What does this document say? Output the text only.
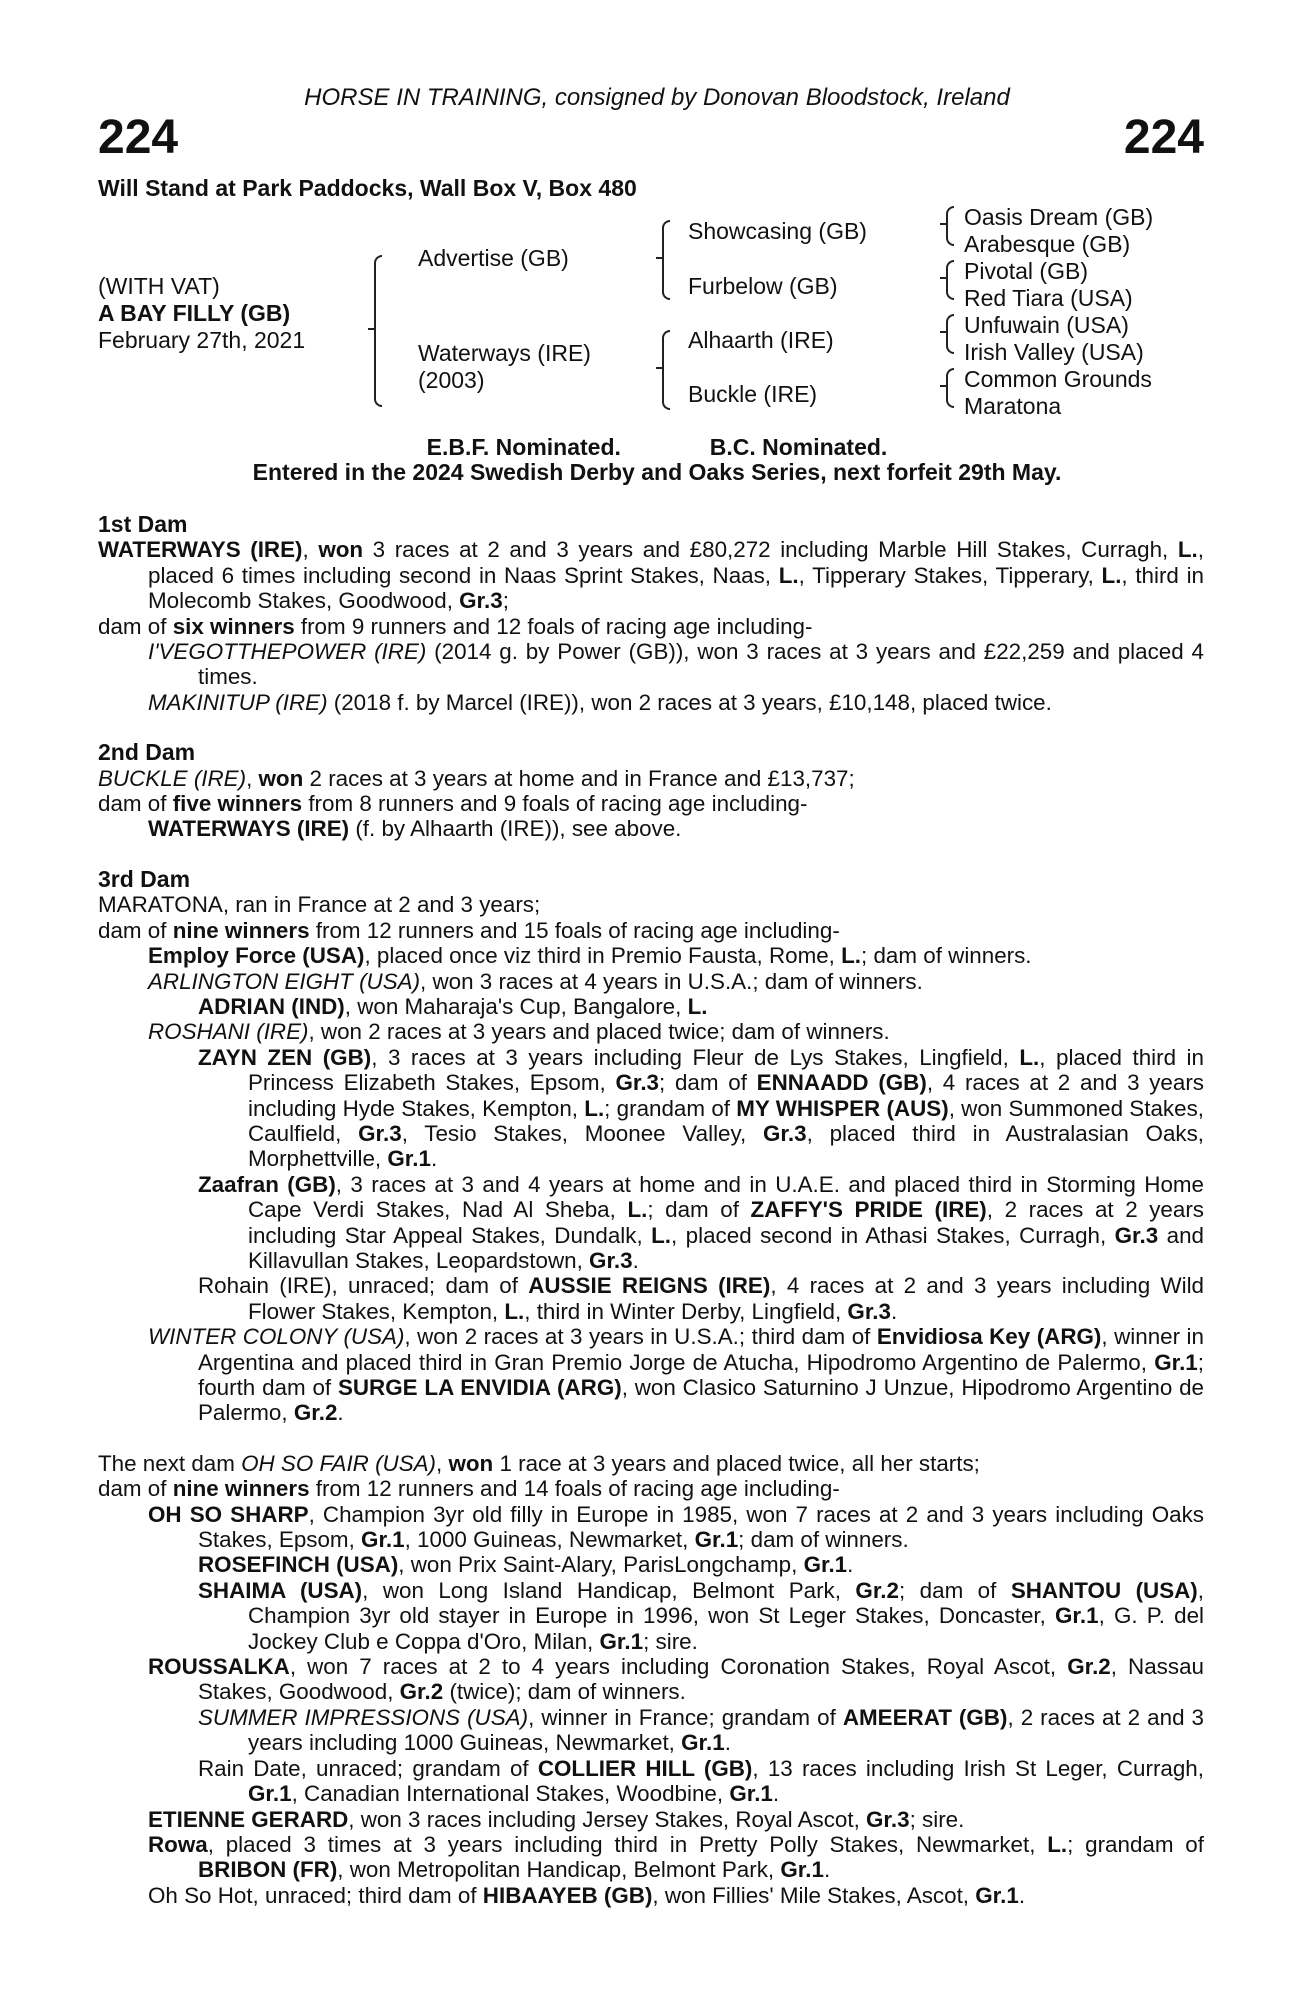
HORSE IN TRAINING, consigned by Donovan Bloodstock, Ireland
224	224
Will Stand at Park Paddocks, Wall Box V, Box 480
(WITH VAT)
A BAY FILLY (GB)
February 27th, 2021
Advertise (GB)
Waterways (IRE)
(2003)
Showcasing (GB)
Furbelow (GB)
Alhaarth (IRE)
Buckle (IRE)
Oasis Dream (GB)
Arabesque (GB)
Pivotal (GB)
Red Tiara (USA)
Unfuwain (USA)
Irish Valley (USA)
Common Grounds
Maratona
E.B.F. Nominated.	B.C. Nominated.
Entered in the 2024 Swedish Derby and Oaks Series, next forfeit 29th May.

1st Dam

WATERWAYS (IRE), won 3 races at 2 and 3 years and £80,272 including Marble Hill Stakes, Curragh, L., placed 6 times including second in Naas Sprint Stakes, Naas, L., Tipperary Stakes, Tipperary, L., third in Molecomb Stakes, Goodwood, Gr.3;

dam of six winners from 9 runners and 12 foals of racing age including-

I'VEGOTTHEPOWER (IRE) (2014 g. by Power (GB)), won 3 races at 3 years and £22,259 and placed 4 times.

MAKINITUP (IRE) (2018 f. by Marcel (IRE)), won 2 races at 3 years, £10,148, placed twice.

2nd Dam

BUCKLE (IRE), won 2 races at 3 years at home and in France and £13,737;

dam of five winners from 8 runners and 9 foals of racing age including-

WATERWAYS (IRE) (f. by Alhaarth (IRE)), see above.

3rd Dam

MARATONA, ran in France at 2 and 3 years;

dam of nine winners from 12 runners and 15 foals of racing age including-

Employ Force (USA), placed once viz third in Premio Fausta, Rome, L.; dam of winners.

ARLINGTON EIGHT (USA), won 3 races at 4 years in U.S.A.; dam of winners.

ADRIAN (IND), won Maharaja's Cup, Bangalore, L.

ROSHANI (IRE), won 2 races at 3 years and placed twice; dam of winners.

ZAYN ZEN (GB), 3 races at 3 years including Fleur de Lys Stakes, Lingfield, L., placed third in Princess Elizabeth Stakes, Epsom, Gr.3; dam of ENNAADD (GB), 4 races at 2 and 3 years including Hyde Stakes, Kempton, L.; grandam of MY WHISPER (AUS), won Summoned Stakes, Caulfield, Gr.3, Tesio Stakes, Moonee Valley, Gr.3, placed third in Australasian Oaks, Morphettville, Gr.1.

Zaafran (GB), 3 races at 3 and 4 years at home and in U.A.E. and placed third in Storming Home Cape Verdi Stakes, Nad Al Sheba, L.; dam of ZAFFY'S PRIDE (IRE), 2 races at 2 years including Star Appeal Stakes, Dundalk, L., placed second in Athasi Stakes, Curragh, Gr.3 and Killavullan Stakes, Leopardstown, Gr.3.

Rohain (IRE), unraced; dam of AUSSIE REIGNS (IRE), 4 races at 2 and 3 years including Wild Flower Stakes, Kempton, L., third in Winter Derby, Lingfield, Gr.3.

WINTER COLONY (USA), won 2 races at 3 years in U.S.A.; third dam of Envidiosa Key (ARG), winner in Argentina and placed third in Gran Premio Jorge de Atucha, Hipodromo Argentino de Palermo, Gr.1; fourth dam of SURGE LA ENVIDIA (ARG), won Clasico Saturnino J Unzue, Hipodromo Argentino de Palermo, Gr.2.

The next dam OH SO FAIR (USA), won 1 race at 3 years and placed twice, all her starts;

dam of nine winners from 12 runners and 14 foals of racing age including-

OH SO SHARP, Champion 3yr old filly in Europe in 1985, won 7 races at 2 and 3 years including Oaks Stakes, Epsom, Gr.1, 1000 Guineas, Newmarket, Gr.1; dam of winners.

ROSEFINCH (USA), won Prix Saint-Alary, ParisLongchamp, Gr.1.

SHAIMA (USA), won Long Island Handicap, Belmont Park, Gr.2; dam of SHANTOU (USA), Champion 3yr old stayer in Europe in 1996, won St Leger Stakes, Doncaster, Gr.1, G. P. del Jockey Club e Coppa d'Oro, Milan, Gr.1; sire.

ROUSSALKA, won 7 races at 2 to 4 years including Coronation Stakes, Royal Ascot, Gr.2, Nassau Stakes, Goodwood, Gr.2 (twice); dam of winners.

SUMMER IMPRESSIONS (USA), winner in France; grandam of AMEERAT (GB), 2 races at 2 and 3 years including 1000 Guineas, Newmarket, Gr.1.

Rain Date, unraced; grandam of COLLIER HILL (GB), 13 races including Irish St Leger, Curragh, Gr.1, Canadian International Stakes, Woodbine, Gr.1.

ETIENNE GERARD, won 3 races including Jersey Stakes, Royal Ascot, Gr.3; sire.

Rowa, placed 3 times at 3 years including third in Pretty Polly Stakes, Newmarket, L.; grandam of BRIBON (FR), won Metropolitan Handicap, Belmont Park, Gr.1.

Oh So Hot, unraced; third dam of HIBAAYEB (GB), won Fillies' Mile Stakes, Ascot, Gr.1.
